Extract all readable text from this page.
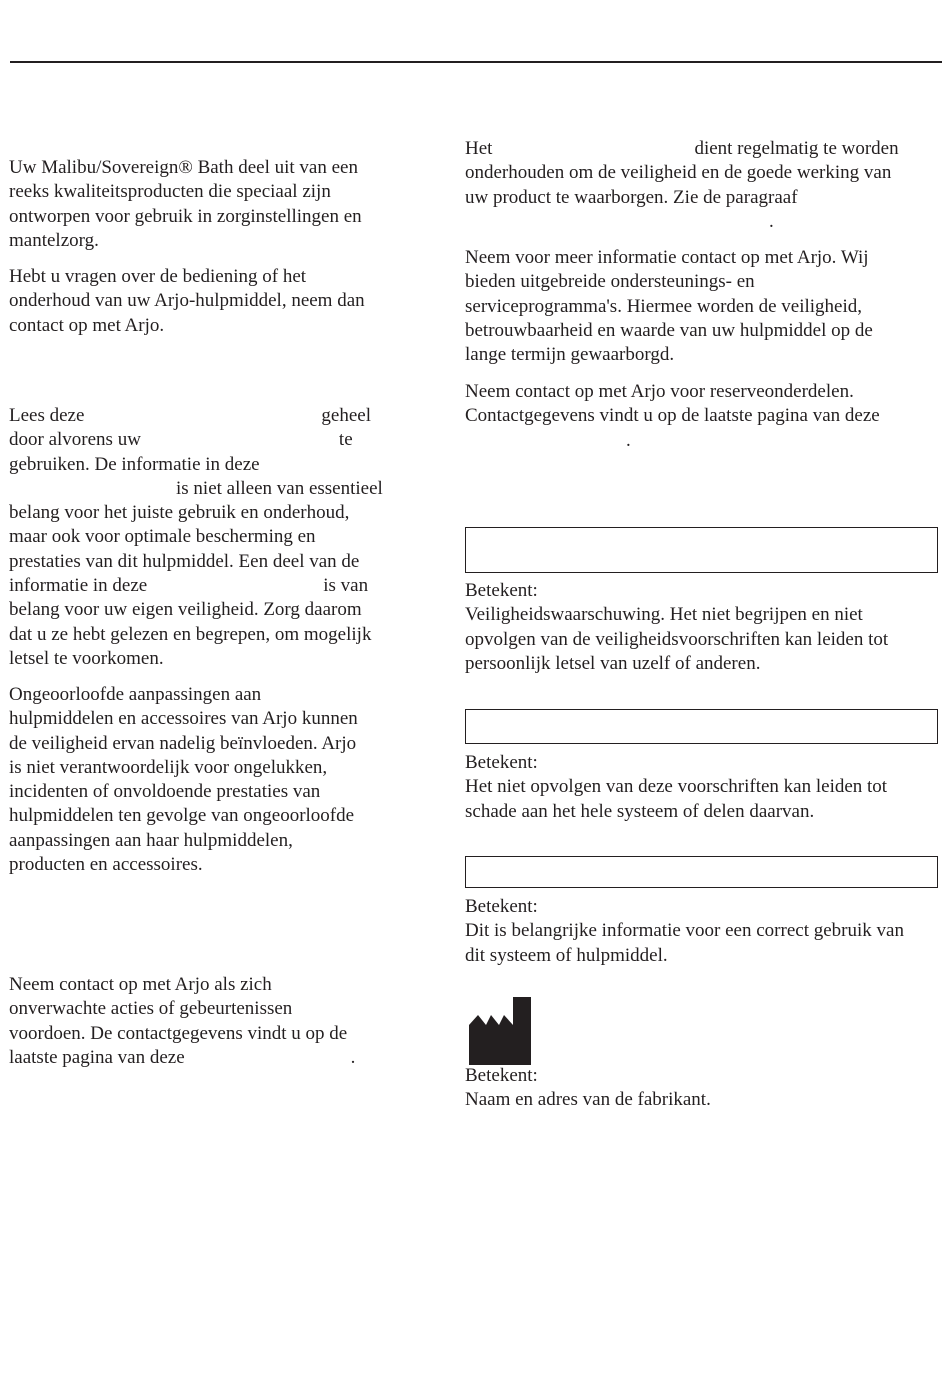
Uw Malibu/Sovereign® Bath deel uit van een
reeks kwaliteitsproducten die speciaal zijn
ontworpen voor gebruik in zorginstellingen en
mantelzorg.
Hebt u vragen over de bediening of het
onderhoud van uw Arjo-hulpmiddel, neem dan
contact op met Arjo.
Lees deze	geheel
door alvorens uw	te
gebruiken. De informatie in deze
is niet alleen van essentieel
belang voor het juiste gebruik en onderhoud,
maar ook voor optimale bescherming en
prestaties van dit hulpmiddel. Een deel van de
informatie in deze	is van
belang voor uw eigen veiligheid. Zorg daarom
dat u ze hebt gelezen en begrepen, om mogelijk
letsel te voorkomen.
Ongeoorloofde aanpassingen aan
hulpmiddelen en accessoires van Arjo kunnen
de veiligheid ervan nadelig beïnvloeden. Arjo
is niet verantwoordelijk voor ongelukken,
incidenten of onvoldoende prestaties van
hulpmiddelen ten gevolge van ongeoorloofde
aanpassingen aan haar hulpmiddelen,
producten en accessoires.
Neem contact op met Arjo als zich
onverwachte acties of gebeurtenissen
voordoen. De contactgegevens vindt u op de
laatste pagina van deze	.
Het	dient regelmatig te worden
onderhouden om de veiligheid en de goede werking van
uw product te waarborgen. Zie de paragraaf
.
Neem voor meer informatie contact op met Arjo. Wij
bieden uitgebreide ondersteunings- en
serviceprogramma's. Hiermee worden de veiligheid,
betrouwbaarheid en waarde van uw hulpmiddel op de
lange termijn gewaarborgd.
Neem contact op met Arjo voor reserveonderdelen.
Contactgegevens vindt u op de laatste pagina van deze
.
Betekent:
Veiligheidswaarschuwing. Het niet begrijpen en niet
opvolgen van de veiligheidsvoorschriften kan leiden tot
persoonlijk letsel van uzelf of anderen.
Betekent:
Het niet opvolgen van deze voorschriften kan leiden tot
schade aan het hele systeem of delen daarvan.
Betekent:
Dit is belangrijke informatie voor een correct gebruik van
dit systeem of hulpmiddel.
Betekent:
Naam en adres van de fabrikant.
